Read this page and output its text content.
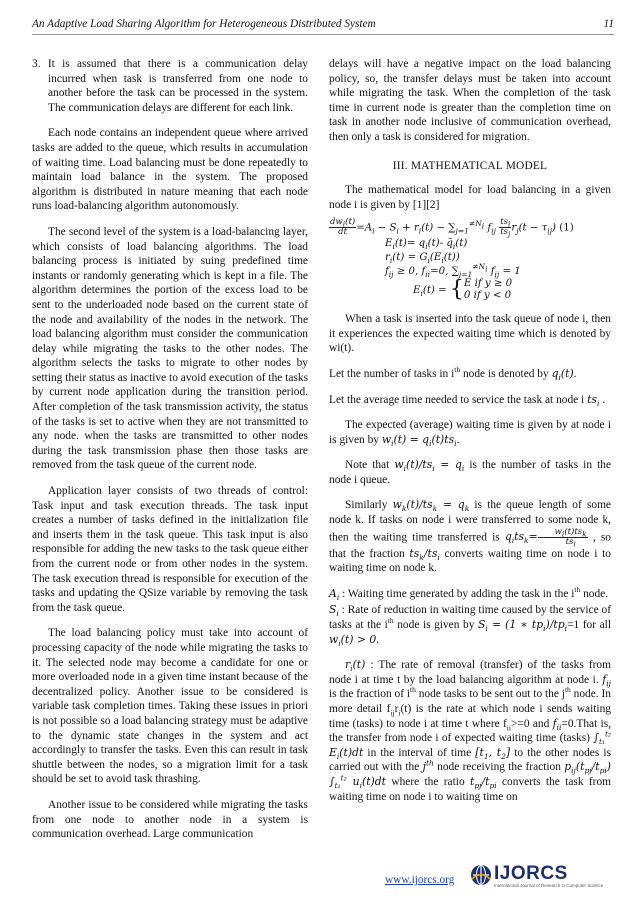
An Adaptive Load Sharing Algorithm for Heterogeneous Distributed System	11

3. It is assumed that there is a communication delay incurred when task is transferred from one node to another before the task can be processed in the system. The communication delays are different for each link.

Each node contains an independent queue where arrived tasks are added to the queue, which results in accumulation of waiting time. Load balancing must be done repeatedly to maintain load balance in the system. The proposed algorithm is distributed in nature meaning that each node runs load-balancing algorithm autonomously.

The second level of the system is a load-balancing layer, which consists of load balancing algorithms. The load balancing process is initiated by suing predefined time instants or randomly generating which is kept in a file. The algorithm determines the portion of the excess load to be sent to the underloaded node based on the current state of the node and availability of the nodes in the network. The load balancing algorithm must consider the communication delay while migrating the tasks to the other nodes. The algorithm selects the tasks to migrate to other nodes by setting their status as inactive to avoid execution of the tasks by current node application during the transition period. After completion of the task transmission activity, the status of the tasks is set to active when they are not transmitted to any node. when the tasks are transmitted to other nodes during the task transmission phase then those tasks are removed from the task queue of the current node.

Application layer consists of two threads of control: Task input and task execution threads. The task input creates a number of tasks defined in the initialization file and inserts them in the task queue. This task input is also responsible for adding the new tasks to the task queue either from the current node or from other nodes in the system. The task execution thread is responsible for execution of the tasks and updating the QSize variable by removing the task from the task queue.

The load balancing policy must take into account of processing capacity of the node while migrating the tasks to it. The selected node may become a candidate for one or more overloaded node in a given time instant because of the decentralized policy. Another issue to be considered is variable task completion times. Taking these issues in priori is not possible so a load balancing strategy must be adaptive to the dynamic state changes in the system and act accordingly to transfer the tasks. Even this can result in task shuttle between the nodes, so a migration limit for a task should be set to avoid task thrashing.

Another issue to be considered while migrating the tasks from one node to another node in a system is communication overhead. Large communication

delays will have a negative impact on the load balancing policy, so, the transfer delays must be taken into account while migrating the task. When the completion of the task time in current node is greater than the completion time on task in another node inclusive of communication overhead, then only a task is considered for migration.

III. MATHEMATICAL MODEL

The mathematical model for load balancing in a given node i is given by [1][2]

$\frac{dw_i(t)}{dt} =A_i - S_i + r_i(t) - \sum_{j=1}^{\ne N_i}$ $f_{ij} \frac{ts_i}{ts_j} r_j(t - \tau_{ij})$ (1)
$E_i(t)= q_i(t)-$ $q̄_i(t)$
$r_i(t) = G_i(E_i(t))$
$f_{ij} \ge 0$, $f_{ii}=0$, $\sum_{j=1}^{\ne N_i}$ $f_{ij} = 1$
$E_i(t) = \{E$ if y ≥ 0
0 if y < 0

When a task is inserted into the task queue of node i, then it experiences the expected waiting time which is denoted by wi(t).

Let the number of tasks in $i^{th}$ node is denoted by $q_i(t)$.

Let the average time needed to service the task at node i $ts_i$ .

The expected (average) waiting time is given by at node i is given by $w_i(t) = q_i(t)ts_i$.

Note that $w_i(t)/ts_i = q_i$ is the number of tasks in the node i queue.

Similarly $w_k(t)/ts_k = q_k$ is the queue length of some node k. If tasks on node i were transferred to some node k, then the waiting time transferred is $q_its_k= \frac{w_i(t)ts_k}{ts_i}$ , so that the fraction $ts_k/ts_i$ converts waiting time on node i to waiting time on node k.

$A_i$ : Waiting time generated by adding the task in the $i^{th}$ node.

$S_i$ : Rate of reduction in waiting time caused by the service of tasks at the $i^{th}$ node is given by $S_i = (1$ ∗ $tp_i)/tp_i=1$ for all $w_i(t) > 0$.

$r_i(t)$ : The rate of removal (transfer) of the tasks from node i at time t by the load balancing algorithm at node i. $f_{ij}$ is the fraction of $i^{th}$ node tasks to be sent out to the $j^{th}$ node. In more detail $f_{ij}r_i(t)$ is the rate at which node i sends waiting time (tasks) to node i at time t where $f_{ii}>=0$ and $f_{ii}=0.That$ is, the transfer from node i of expected waiting time (tasks) $\int_{t_1}^{t_2}$ $E_i(t)dt$ in the interval of time [$t_1$, $t_2$] to the other nodes is carried out with the $j^{th}$ node receiving the fraction $p_{ij}(t_{pj}/t_{pi})$ $\int_{t_1}^{t_2}$ $u_i(t)dt$ where the ratio $t_{pj}/t_{pi}$ converts the task from waiting time on node i to waiting time on

www.ijorcs.org IJORCS
International Journal of Research in Computer Science
